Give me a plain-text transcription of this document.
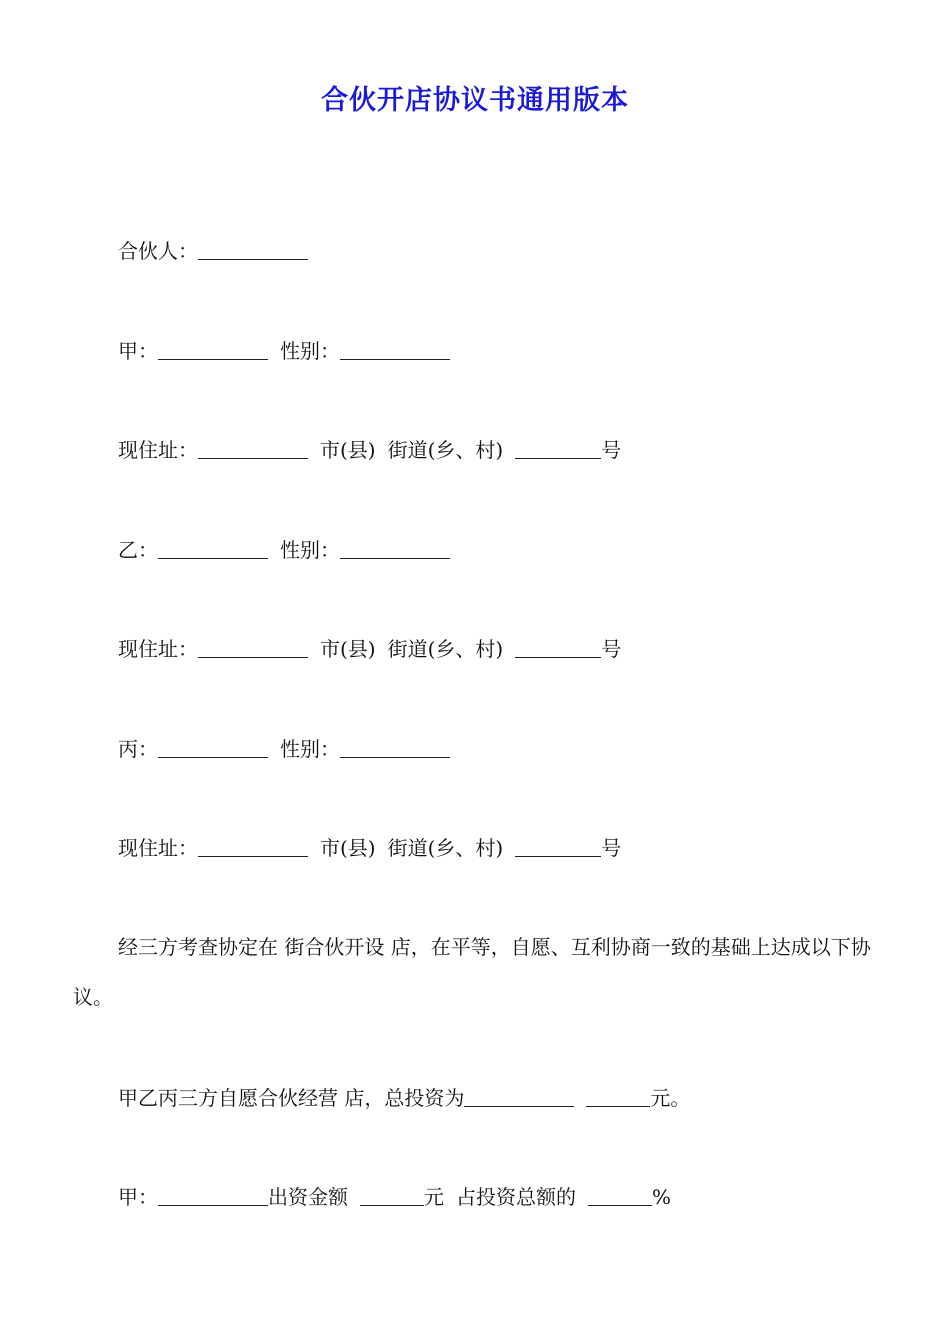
合伙开店协议书通用版本
合伙人：
甲：	性别：
现住址：	市(县) 街道(乡、村)	号
乙：	性别：
现住址：	市(县) 街道(乡、村)	号
丙：	性别：
现住址：	市(县) 街道(乡、村)	号
经三方考查协定在 街合伙开设 店，在平等，自愿、互利协商一致的基础上达成以下协议。
甲乙丙三方自愿合伙经营 店，总投资为	元。
甲：	出资金额	元 占投资总额的	%
